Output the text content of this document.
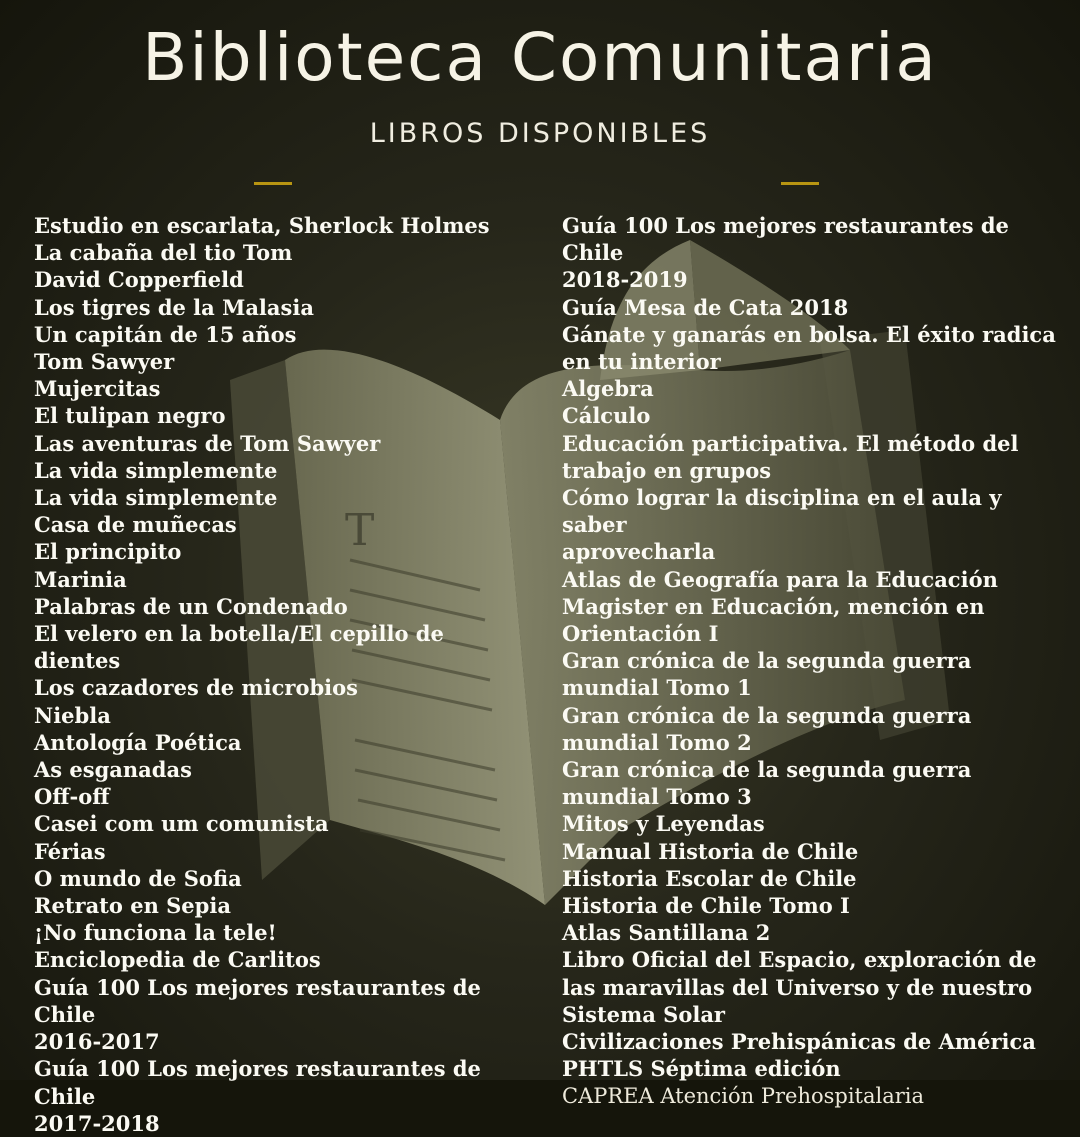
T
Biblioteca Comunitaria
LIBROS DISPONIBLES
Estudio en escarlata, Sherlock Holmes
La cabaña del tio Tom
David Copperfield
Los tigres de la Malasia
Un capitán de 15 años
Tom Sawyer
Mujercitas
El tulipan negro
Las aventuras de Tom Sawyer
La vida simplemente
La vida simplemente
Casa de muñecas
El principito
Marinia
Palabras de un Condenado
El velero en la botella/El cepillo de dientes
Los cazadores de microbios
Niebla
Antología Poética
As esganadas
Off-off
Casei com um comunista
Férias
O mundo de Sofia
Retrato en Sepia
¡No funciona la tele!
Enciclopedia de Carlitos
Guía 100 Los mejores restaurantes de Chile
2016-2017
Guía 100 Los mejores restaurantes de Chile
2017-2018
Guía 100 Los mejores restaurantes de Chile
2018-2019
Guía Mesa de Cata 2018
Gánate y ganarás en bolsa. El éxito radica
en tu interior
Algebra
Cálculo
Educación participativa. El método del
trabajo en grupos
Cómo lograr la disciplina en el aula y saber
aprovecharla
Atlas de Geografía para la Educación
Magister en Educación, mención en
Orientación I
Gran crónica de la segunda guerra
mundial Tomo 1
Gran crónica de la segunda guerra
mundial Tomo 2
Gran crónica de la segunda guerra
mundial Tomo 3
Mitos y Leyendas
Manual Historia de Chile
Historia Escolar de Chile
Historia de Chile Tomo I
Atlas Santillana 2
Libro Oficial del Espacio, exploración de
las maravillas del Universo y de nuestro
Sistema Solar
Civilizaciones Prehispánicas de América
PHTLS Séptima edición
CAPREA Atención Prehospitalaria
